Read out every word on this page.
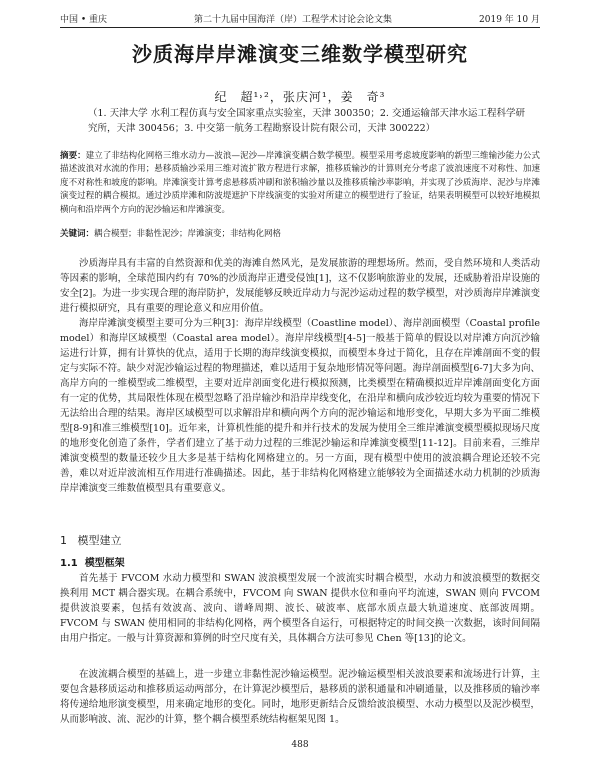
中国 • 重庆	第二十九届中国海洋（岸）工程学术讨论会论文集	2019 年 10 月
沙质海岸岸滩演变三维数学模型研究
纪　超¹˒²，张庆河¹，姜　奇³
（1. 天津大学 水利工程仿真与安全国家重点实验室，天津 300350；2. 交通运输部天津水运工程科学研究所，天津 300456；3. 中交第一航务工程勘察设计院有限公司，天津 300222）
摘要：建立了非结构化网格三维水动力—波浪—泥沙—岸滩演变耦合数学模型。模型采用考虑坡度影响的新型三维输沙能力公式描述波浪对水流的作用；悬移质输沙采用三维对流扩散方程进行求解，推移质输沙的计算则充分考虑了波浪速度不对称性、加速度不对称性和坡度的影响。岸滩演变计算考虑悬移质冲刷和淤积输沙量以及推移质输沙率影响，并实现了沙质海岸、泥沙与岸滩演变过程的耦合模拟。通过沙质岸滩和防波堤遮护下岸线演变的实验对所建立的模型进行了验证，结果表明模型可以较好地模拟横向和沿岸两个方向的泥沙输运和岸滩演变。
关键词：耦合模型；非黏性泥沙；岸滩演变；非结构化网格

沙质海岸具有丰富的自然资源和优美的海滩自然风光，是发展旅游的理想场所。然而，受自然环境和人类活动等因素的影响，全球范围内约有 70%的沙质海岸正遭受侵蚀[1]，这不仅影响旅游业的发展，还威胁着沿岸设施的安全[2]。为进一步实现合理的海岸防护，发展能够反映近岸动力与泥沙运动过程的数学模型，对沙质海岸岸滩演变进行模拟研究，具有重要的理论意义和应用价值。

海岸岸滩演变模型主要可分为三种[3]：海岸岸线模型（Coastline model）、海岸剖面模型（Coastal profile model）和海岸区域模型（Coastal area model）。海岸岸线模型[4-5]一般基于简单的假设以对岸滩方向沉沙输运进行计算，拥有计算快的优点，适用于长期的海岸线演变模拟，而模型本身过于简化，且存在岸滩剖面不变的假定与实际不符。缺少对泥沙输运过程的物理描述，难以适用于复杂地形情况等问题。海岸剖面模型[6-7]大多为向、高岸方向的一维模型或二维模型，主要对近岸剖面变化进行模拟预测，比类模型在精确模拟近岸岸滩剖面变化方面有一定的优势，其局限性体现在模型忽略了沿岸输沙和沿岸岸线变化，在沿岸和横向成沙较近均较为重要的情况下无法给出合理的结果。海岸区域模型可以求解沿岸和横向两个方向的泥沙输运和地形变化，早期大多为平面二维模型[8-9]和准三维模型[10]。近年来，计算机性能的提升和并行技术的发展为使用全三维岸滩演变模型模拟现场尺度的地形变化创造了条件，学者们建立了基于动力过程的三维泥沙输运和岸滩演变模型[11-12]。目前来看，三维岸滩演变模型的数量还较少且大多是基于结构化网格建立的。另一方面，现有模型中使用的波浪耦合理论还较不完善，难以对近岸波流相互作用进行准确描述。因此，基于非结构化网格建立能够较为全面描述水动力机制的沙质海岸岸滩演变三维数值模型具有重要意义。

1 模型建立
1.1 模型框架

首先基于 FVCOM 水动力模型和 SWAN 波浪模型发展一个波流实时耦合模型，水动力和波浪模型的数据交换利用 MCT 耦合器实现。在耦合系统中，FVCOM 向 SWAN 提供水位和垂向平均流速，SWAN 则向 FVCOM 提供波浪要素，包括有效波高、波向、谱峰周期、波长、破波率、底部水质点最大轨道速度、底部波周期。FVCOM 与 SWAN 使用相同的非结构化网格，两个模型各自运行，可根据特定的时间交换一次数据，该时间间隔由用户指定。一般与计算资源和算例的时空尺度有关，具体耦合方法可参见 Chen 等[13]的论文。

在波流耦合模型的基础上，进一步建立非黏性泥沙输运模型。泥沙输运模型相关波浪要素和流场进行计算，主要包含悬移质运动和推移质运动两部分，在计算泥沙模型后，悬移质的淤积通量和冲刷通量，以及推移质的输沙率将传递给地形演变模型，用来确定地形的变化。同时，地形更新结合反馈给波浪模型、水动力模型以及泥沙模型，从而影响波、流、泥沙的计算，整个耦合模型系统结构框架见图 1。

488
